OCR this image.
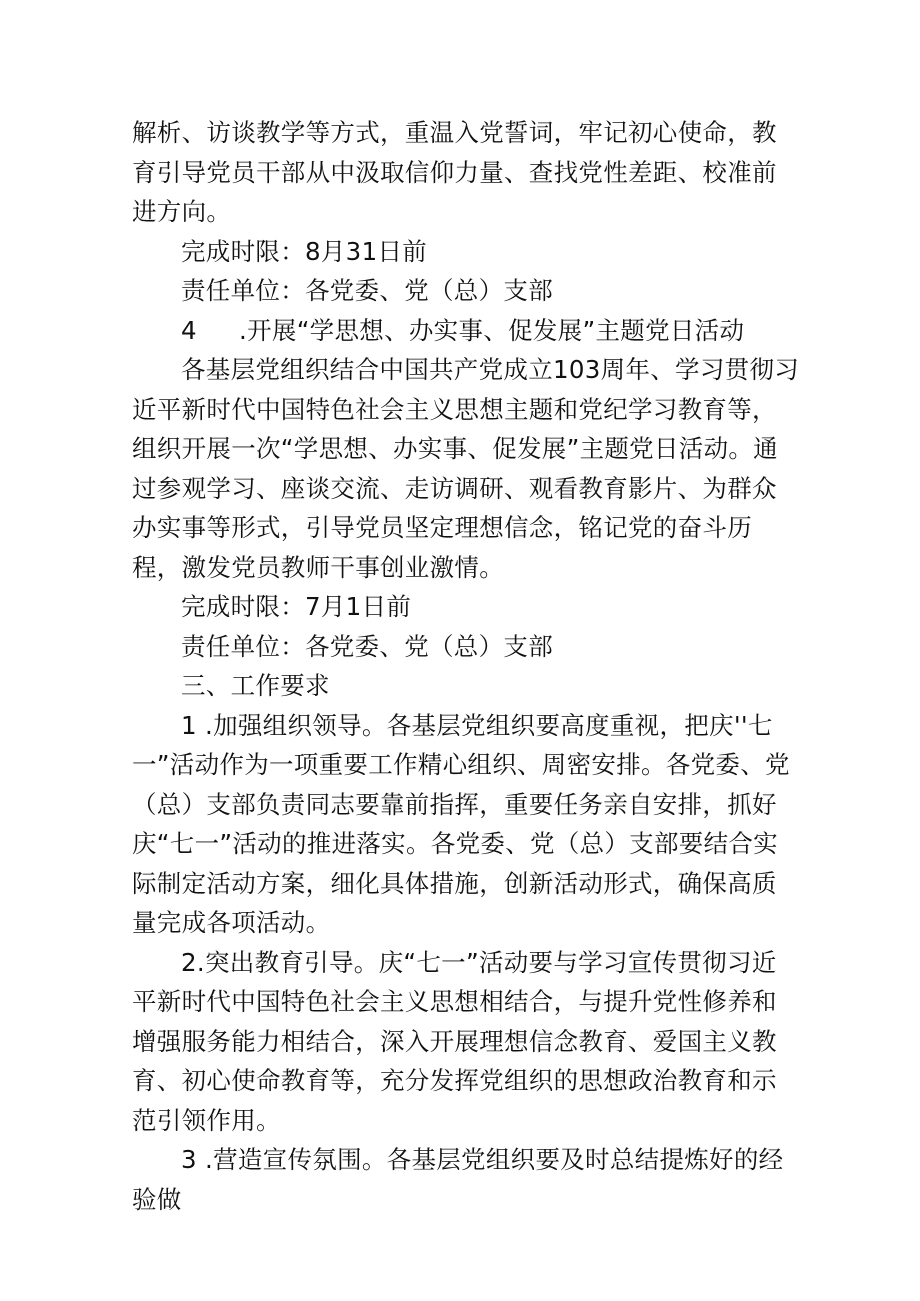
解析、访谈教学等方式，重温入党誓词，牢记初心使命，教育引导党员干部从中汲取信仰力量、查找党性差距、校准前进方向。

完成时限：8月31日前

责任单位：各党委、党（总）支部

4 .开展“学思想、办实事、促发展”主题党日活动

各基层党组织结合中国共产党成立103周年、学习贯彻习近平新时代中国特色社会主义思想主题和党纪学习教育等，组织开展一次“学思想、办实事、促发展”主题党日活动。通过参观学习、座谈交流、走访调研、观看教育影片、为群众办实事等形式，引导党员坚定理想信念，铭记党的奋斗历程，激发党员教师干事创业激情。

完成时限：7月1日前

责任单位：各党委、党（总）支部

三、工作要求

1 .加强组织领导。各基层党组织要高度重视，把庆''七一”活动作为一项重要工作精心组织、周密安排。各党委、党（总）支部负责同志要靠前指挥，重要任务亲自安排，抓好庆“七一”活动的推进落实。各党委、党（总）支部要结合实际制定活动方案，细化具体措施，创新活动形式，确保高质量完成各项活动。

2.突出教育引导。庆“七一”活动要与学习宣传贯彻习近平新时代中国特色社会主义思想相结合，与提升党性修养和增强服务能力相结合，深入开展理想信念教育、爱国主义教育、初心使命教育等，充分发挥党组织的思想政治教育和示范引领作用。

3 .营造宣传氛围。各基层党组织要及时总结提炼好的经验做
